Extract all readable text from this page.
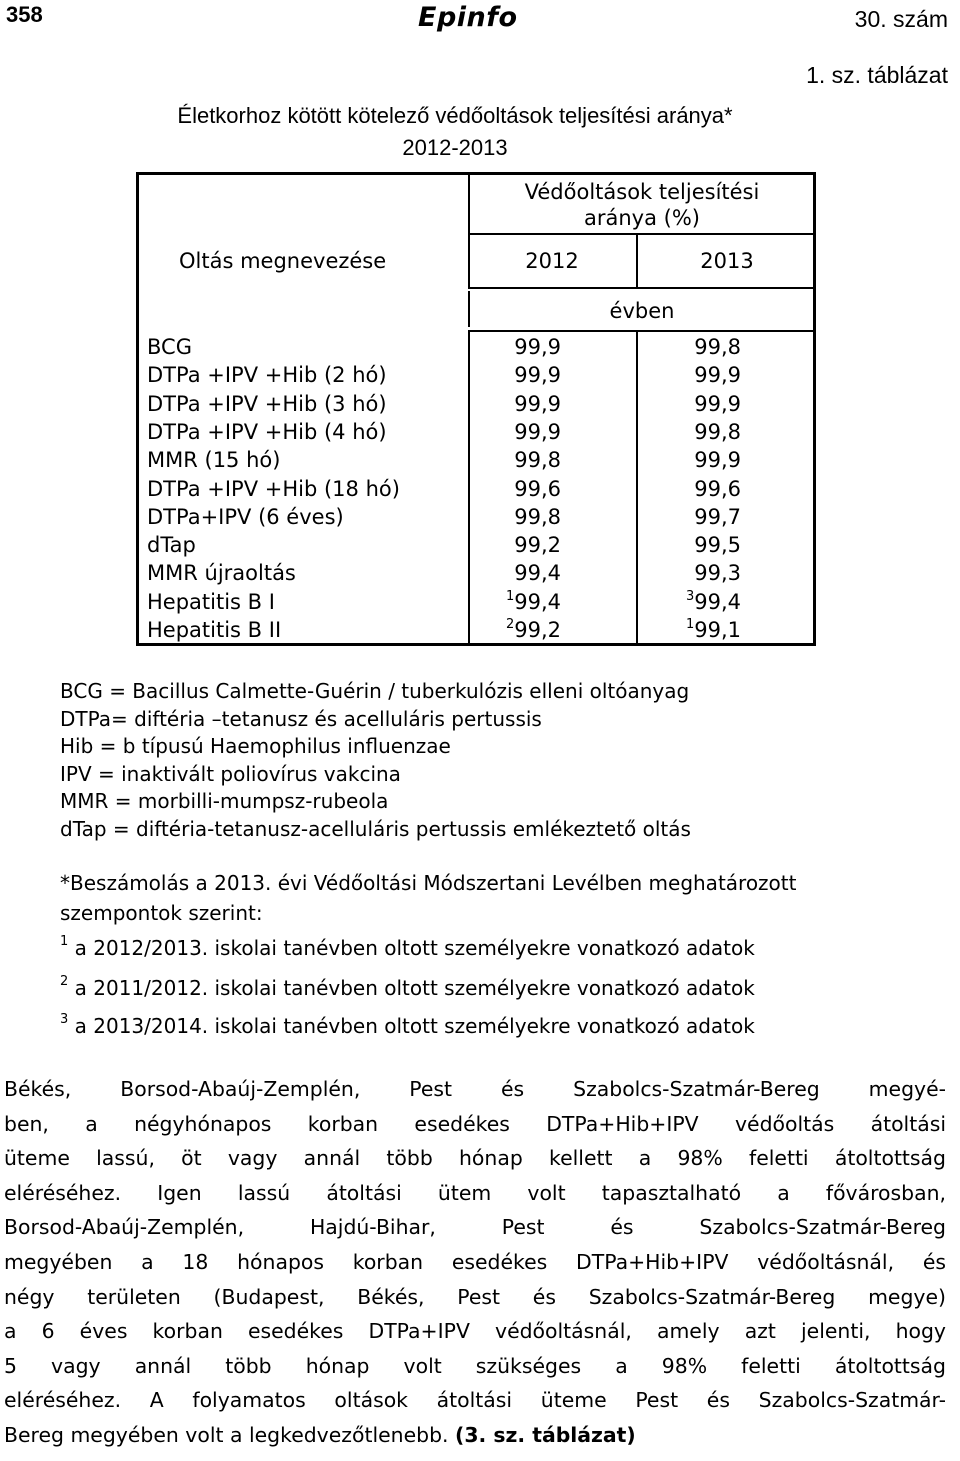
358	Epinfo	30. szám
1. sz. táblázat
Életkorhoz kötött kötelező védőoltások teljesítési aránya*
2012-2013
Védőoltások teljesítési
aránya (%)
Oltás megnevezése	2012	2013
évben
BCG	99,9	99,8
DTPa +IPV +Hib (2 hó)	99,9	99,9
DTPa +IPV +Hib (3 hó)	99,9	99,9
DTPa +IPV +Hib (4 hó)	99,9	99,8
MMR (15 hó)	99,8	99,9
DTPa +IPV +Hib (18 hó)	99,6	99,6
DTPa+IPV (6 éves)	99,8	99,7
dTap	99,2	99,5
MMR újraoltás	99,4	99,3
Hepatitis B I	$^1$99,4	$^3$99,4
Hepatitis B II	$^2$99,2	$^1$99,1
BCG = Bacillus Calmette-Guérin / tuberkulózis elleni oltóanyag
DTPa= diftéria –tetanusz és acelluláris pertussis
Hib = b típusú Haemophilus influenzae
IPV = inaktivált poliovírus vakcina
MMR = morbilli-mumpsz-rubeola
dTap = diftéria-tetanusz-acelluláris pertussis emlékeztető oltás
*Beszámolás a 2013. évi Védőoltási Módszertani Levélben meghatározott
szempontok szerint:
$^1$ a 2012/2013. iskolai tanévben oltott személyekre vonatkozó adatok
$^2$ a 2011/2012. iskolai tanévben oltott személyekre vonatkozó adatok
$^3$ a 2013/2014. iskolai tanévben oltott személyekre vonatkozó adatok
Békés, Borsod-Abaúj-Zemplén, Pest és Szabolcs-Szatmár-Bereg megyé-
ben, a négyhónapos korban esedékes DTPa+Hib+IPV védőoltás átoltási
üteme lassú, öt vagy annál több hónap kellett a 98% feletti átoltottság
eléréséhez. Igen lassú átoltási ütem volt tapasztalható a fővárosban,
Borsod-Abaúj-Zemplén, Hajdú-Bihar, Pest és Szabolcs-Szatmár-Bereg
megyében a 18 hónapos korban esedékes DTPa+Hib+IPV védőoltásnál, és
négy területen (Budapest, Békés, Pest és Szabolcs-Szatmár-Bereg megye)
a 6 éves korban esedékes DTPa+IPV védőoltásnál, amely azt jelenti, hogy
5 vagy annál több hónap volt szükséges a 98% feletti átoltottság
eléréséhez. A folyamatos oltások átoltási üteme Pest és Szabolcs-Szatmár-
Bereg megyében volt a legkedvezőtlenebb. (3. sz. táblázat)
